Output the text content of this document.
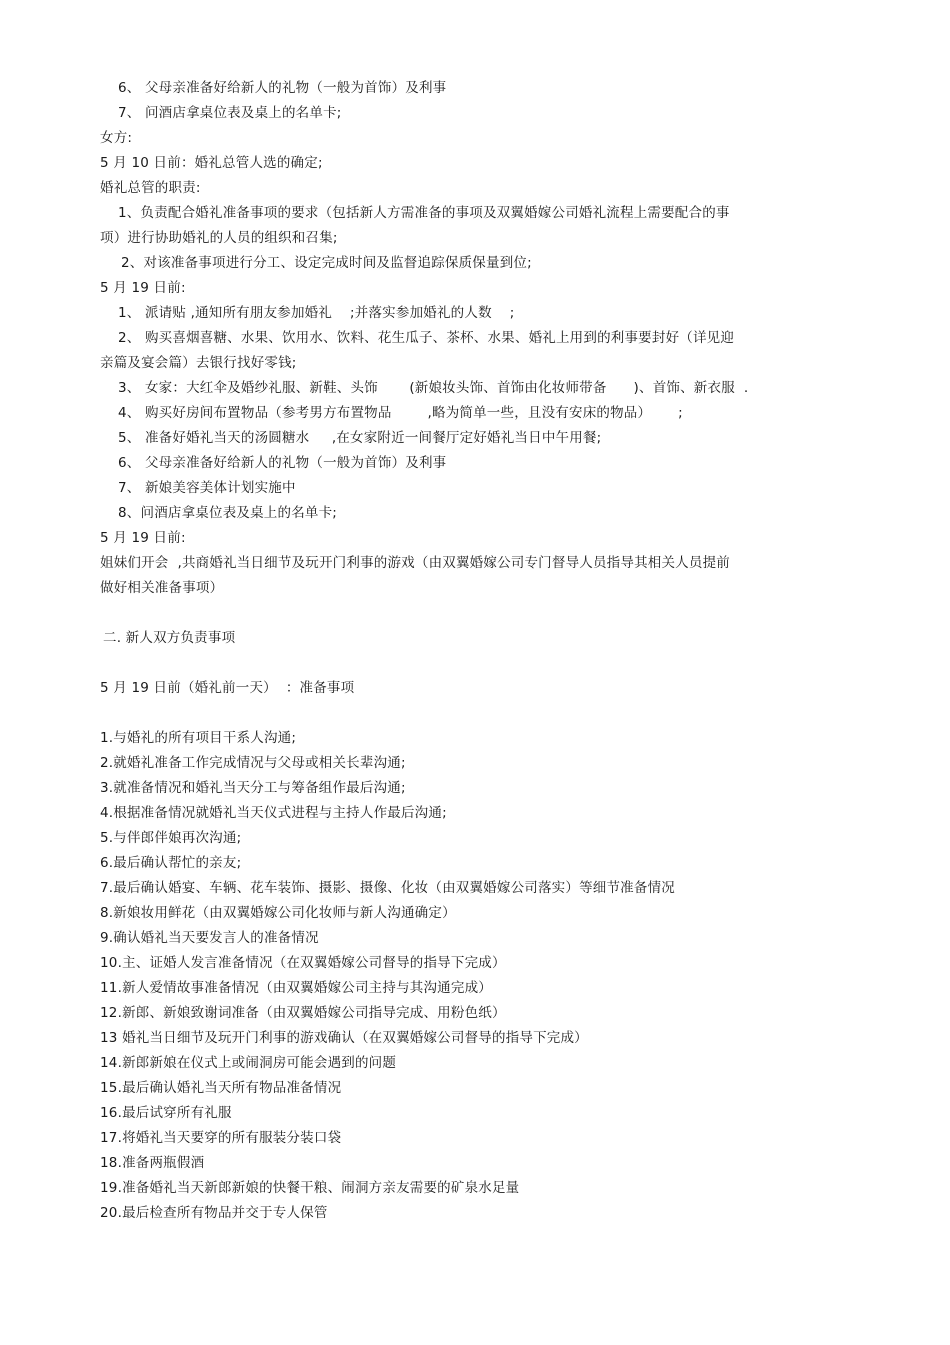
6、 父母亲准备好给新人的礼物（一般为首饰）及利事

7、 问酒店拿桌位表及桌上的名单卡;

女方:

5 月 10 日前：婚礼总管人选的确定;

婚礼总管的职责:

1、负责配合婚礼准备事项的要求（包括新人方需准备的事项及双翼婚嫁公司婚礼流程上需要配合的事

项）进行协助婚礼的人员的组织和召集;

2、对该准备事项进行分工、设定完成时间及监督追踪保质保量到位;

5 月 19 日前:

1、 派请贴 ,通知所有朋友参加婚礼    ;并落实参加婚礼的人数    ;

2、 购买喜烟喜糖、水果、饮用水、饮料、花生瓜子、茶杯、水果、婚礼上用到的利事要封好（详见迎

亲篇及宴会篇）去银行找好零钱;

3、 女家：大红伞及婚纱礼服、新鞋、头饰       (新娘妆头饰、首饰由化妆师带备      )、首饰、新衣服  .

4、 购买好房间布置物品（参考男方布置物品        ,略为简单一些，且没有安床的物品）      ;

5、 准备好婚礼当天的汤圆糖水     ,在女家附近一间餐厅定好婚礼当日中午用餐;

6、 父母亲准备好给新人的礼物（一般为首饰）及利事

7、 新娘美容美体计划实施中

8、问酒店拿桌位表及桌上的名单卡;

5 月 19 日前:

姐妹们开会  ,共商婚礼当日细节及玩开门利事的游戏（由双翼婚嫁公司专门督导人员指导其相关人员提前

做好相关准备事项）

二. 新人双方负责事项

5 月 19 日前（婚礼前一天）  ：准备事项

1.与婚礼的所有项目干系人沟通;

2.就婚礼准备工作完成情况与父母或相关长辈沟通;

3.就准备情况和婚礼当天分工与筹备组作最后沟通;

4.根据准备情况就婚礼当天仪式进程与主持人作最后沟通;

5.与伴郎伴娘再次沟通;

6.最后确认帮忙的亲友;

7.最后确认婚宴、车辆、花车装饰、摄影、摄像、化妆（由双翼婚嫁公司落实）等细节准备情况

8.新娘妆用鲜花（由双翼婚嫁公司化妆师与新人沟通确定）

9.确认婚礼当天要发言人的准备情况

10.主、证婚人发言准备情况（在双翼婚嫁公司督导的指导下完成）

11.新人爱情故事准备情况（由双翼婚嫁公司主持与其沟通完成）

12.新郎、新娘致谢词准备（由双翼婚嫁公司指导完成、用粉色纸）

13 婚礼当日细节及玩开门利事的游戏确认（在双翼婚嫁公司督导的指导下完成）

14.新郎新娘在仪式上或闹洞房可能会遇到的问题

15.最后确认婚礼当天所有物品准备情况

16.最后试穿所有礼服

17.将婚礼当天要穿的所有服装分装口袋

18.准备两瓶假酒

19.准备婚礼当天新郎新娘的快餐干粮、闹洞方亲友需要的矿泉水足量

20.最后检查所有物品并交于专人保管
